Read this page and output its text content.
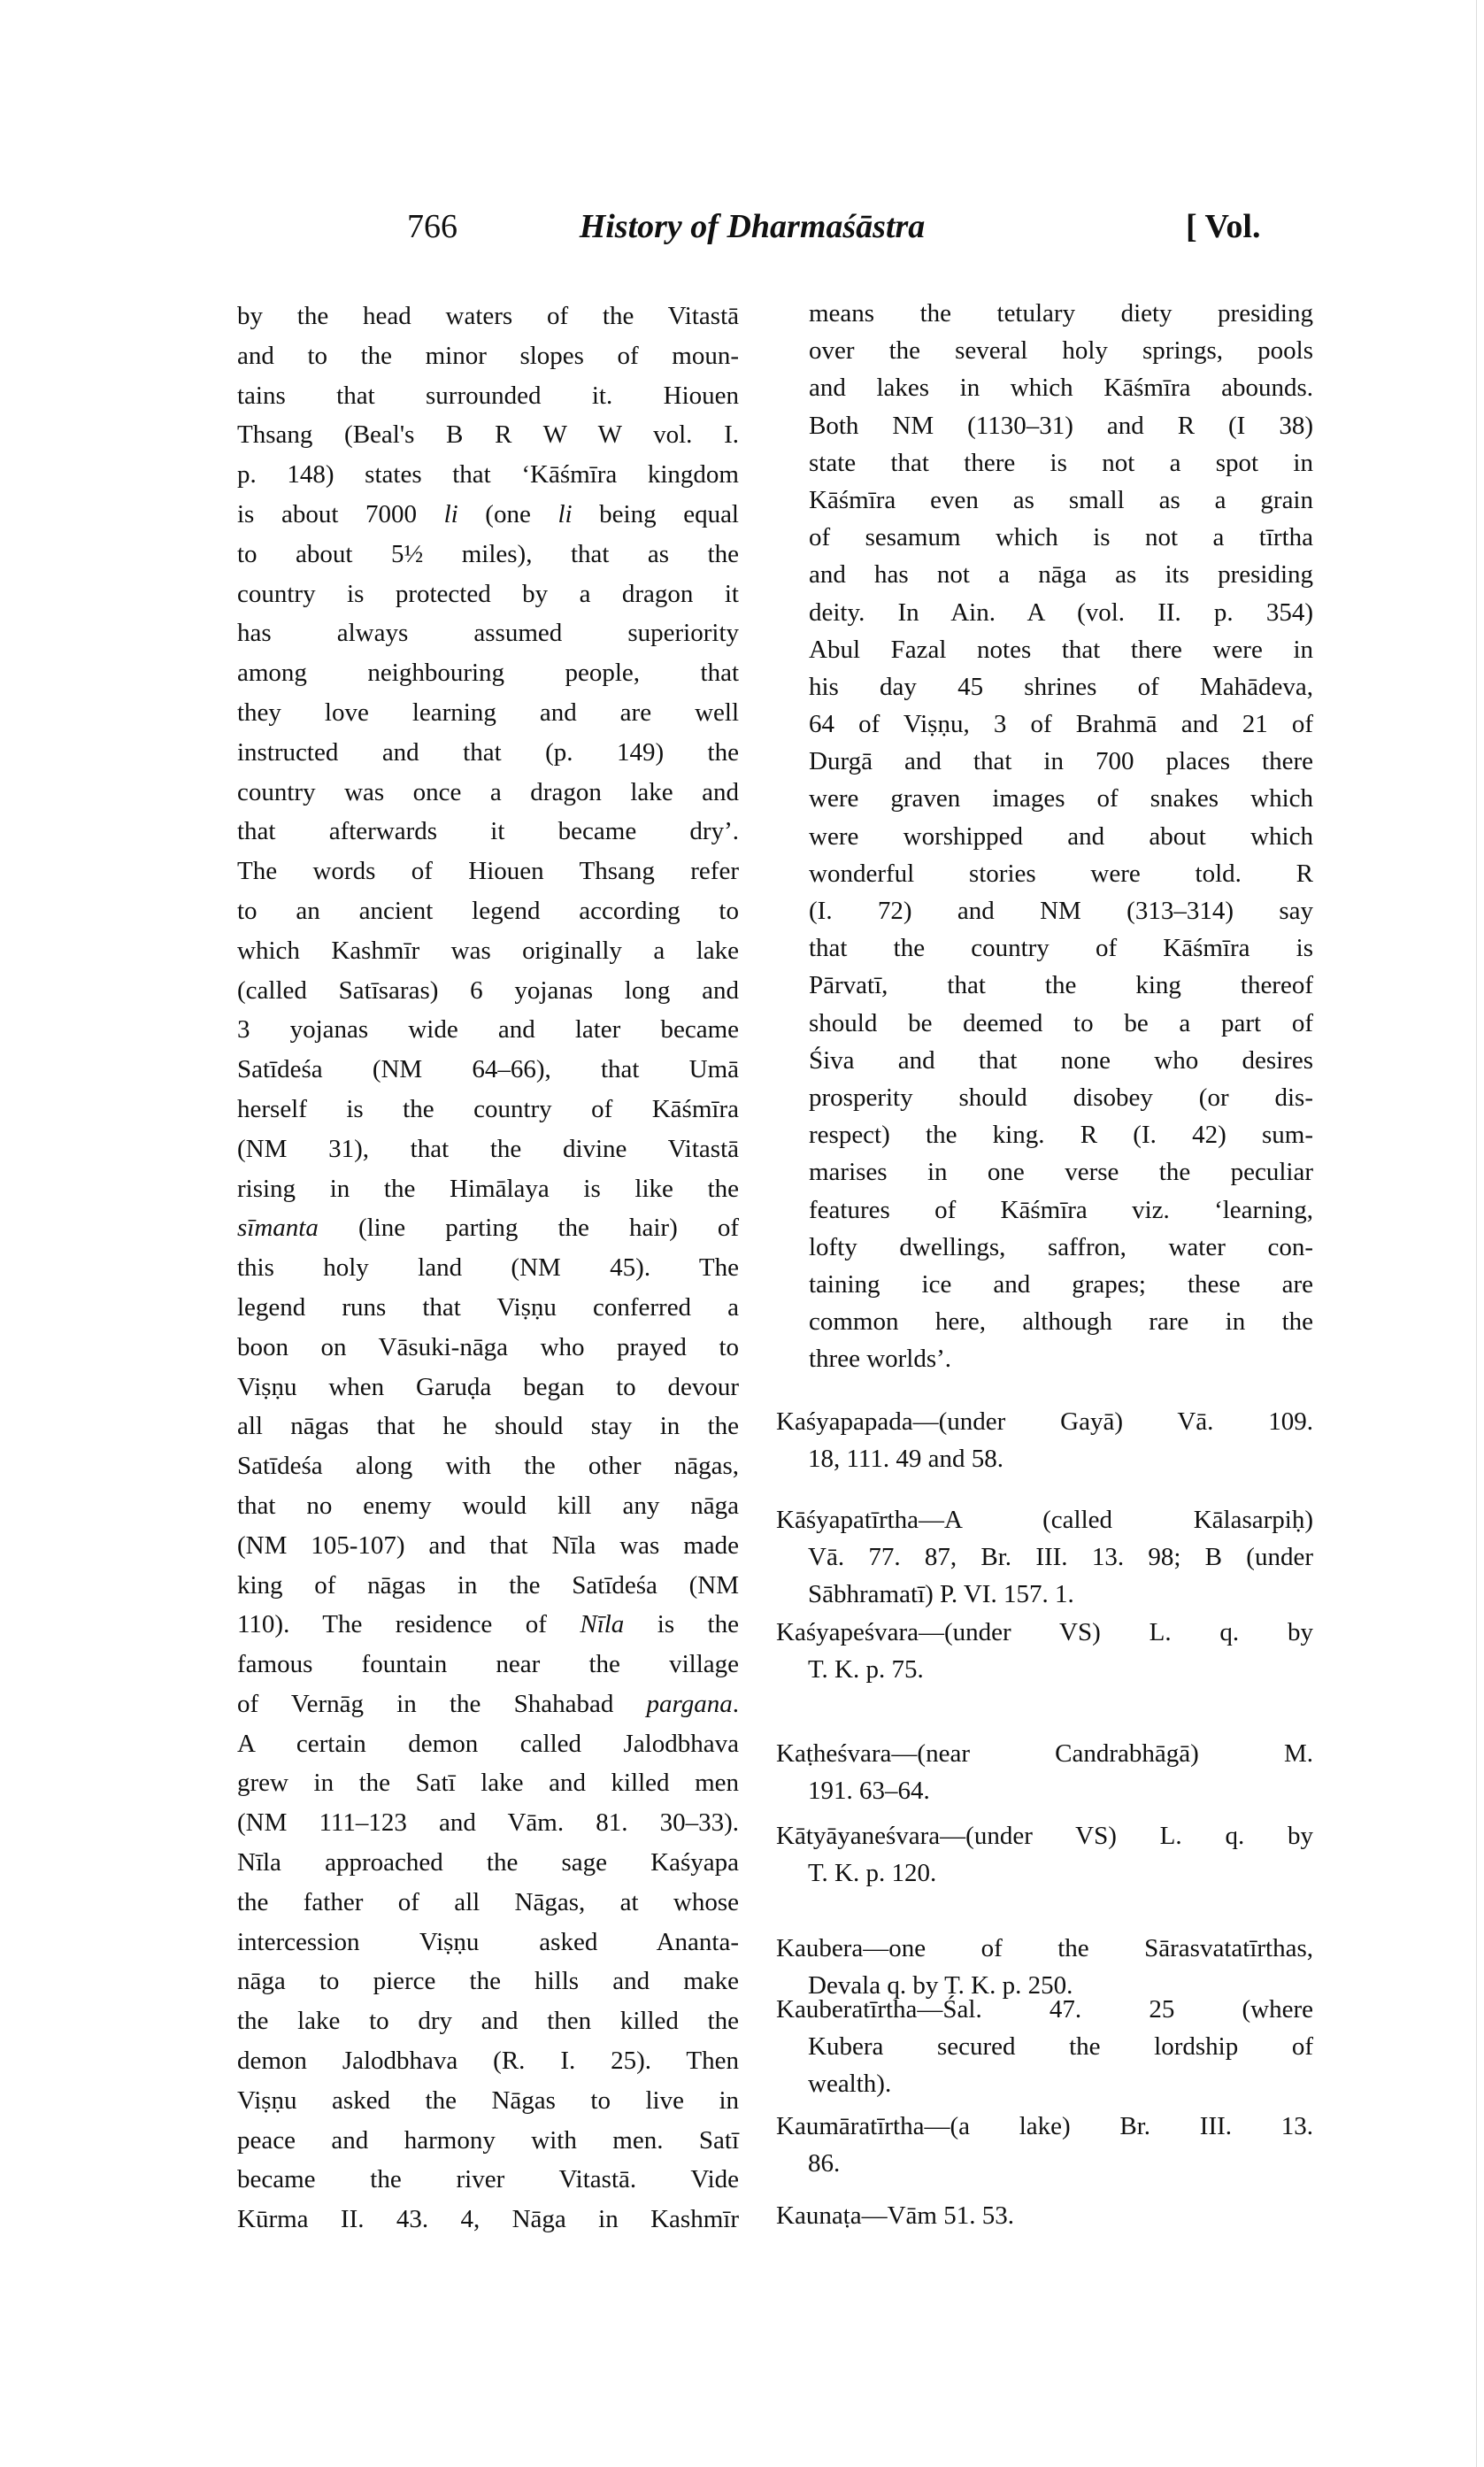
766	History of Dharmaśāstra	[ Vol.
by the head waters of the Vitastā
and to the minor slopes of moun-
tains that surrounded it. Hiouen
Thsang (Beal's B R W W vol. I.
p. 148) states that ‘Kāśmīra kingdom
is about 7000 li (one li being equal
to about 5½ miles), that as the
country is protected by a dragon it
has always assumed superiority
among neighbouring people, that
they love learning and are well
instructed and that (p. 149) the
country was once a dragon lake and
that afterwards it became dry’.
The words of Hiouen Thsang refer
to an ancient legend according to
which Kashmīr was originally a lake
(called Satīsaras) 6 yojanas long and
3 yojanas wide and later became
Satīdeśa (NM 64–66), that Umā
herself is the country of Kāśmīra
(NM 31), that the divine Vitastā
rising in the Himālaya is like the
sīmanta (line parting the hair) of
this holy land (NM 45). The
legend runs that Viṣṇu conferred a
boon on Vāsuki-nāga who prayed to
Viṣṇu when Garuḍa began to devour
all nāgas that he should stay in the
Satīdeśa along with the other nāgas,
that no enemy would kill any nāga
(NM 105-107) and that Nīla was made
king of nāgas in the Satīdeśa (NM
110). The residence of Nīla is the
famous fountain near the village
of Vernāg in the Shahabad pargana.
A certain demon called Jalodbhava
grew in the Satī lake and killed men
(NM 111–123 and Vām. 81. 30–33).
Nīla approached the sage Kaśyapa
the father of all Nāgas, at whose
intercession Viṣṇu asked Ananta-
nāga to pierce the hills and make
the lake to dry and then killed the
demon Jalodbhava (R. I. 25). Then
Viṣṇu asked the Nāgas to live in
peace and harmony with men. Satī
became the river Vitastā. Vide
Kūrma II. 43. 4, Nāga in Kashmīr
means the tetulary diety presiding
over the several holy springs, pools
and lakes in which Kāśmīra abounds.
Both NM (1130–31) and R (I 38)
state that there is not a spot in
Kāśmīra even as small as a grain
of sesamum which is not a tīrtha
and has not a nāga as its presiding
deity. In Ain. A (vol. II. p. 354)
Abul Fazal notes that there were in
his day 45 shrines of Mahādeva,
64 of Viṣṇu, 3 of Brahmā and 21 of
Durgā and that in 700 places there
were graven images of snakes which
were worshipped and about which
wonderful stories were told. R
(I. 72) and NM (313–314) say
that the country of Kāśmīra is
Pārvatī, that the king thereof
should be deemed to be a part of
Śiva and that none who desires
prosperity should disobey (or dis-
respect) the king. R (I. 42) sum-
marises in one verse the peculiar
features of Kāśmīra viz. ‘learning,
lofty dwellings, saffron, water con-
taining ice and grapes; these are
common here, although rare in the
three worlds’.
Kaśyapapada—(under Gayā) Vā. 109.
18, 111. 49 and 58.
Kāśyapatīrtha—A (called Kālasarpiḥ)
Vā. 77. 87, Br. III. 13. 98; B (under
Sābhramatī) P. VI. 157. 1.
Kaśyapeśvara—(under VS) L. q. by
T. K. p. 75.
Kaṭheśvara—(near Candrabhāgā) M.
191. 63–64.
Kātyāyaneśvara—(under VS) L. q. by
T. K. p. 120.
Kaubera—one of the Sārasvatatīrthas,
Devala q. by T. K. p. 250.
Kauberatīrtha—Śal. 47. 25 (where
Kubera secured the lordship of
wealth).
Kaumāratīrtha—(a lake) Br. III. 13.
86.
Kaunaṭa—Vām 51. 53.
